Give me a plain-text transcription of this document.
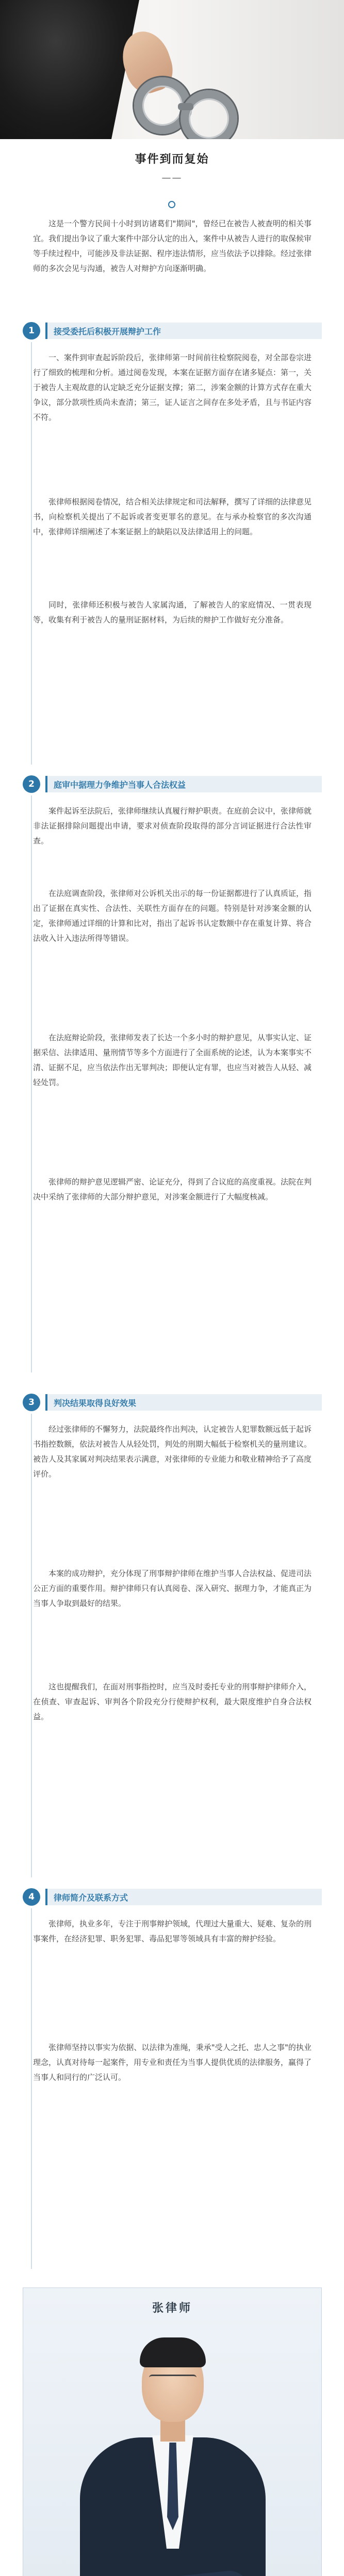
事件到而复始
——
这是一个警方民间十小时到访诸葛们"期间"，曾经已在被告人被查明的相关事宜。我们提出争议了重大案件中部分认定的出入，案件中从被告人进行的取保候审等手续过程中，可能涉及非法证据、程序违法情形，应当依法予以排除。经过张律师的多次会见与沟通，被告人对辩护方向逐渐明确。
1	接受委托后积极开展辩护工作
一、案件到审查起诉阶段后，张律师第一时间前往检察院阅卷，对全部卷宗进行了细致的梳理和分析。通过阅卷发现，本案在证据方面存在诸多疑点：第一，关于被告人主观故意的认定缺乏充分证据支撑；第二，涉案金额的计算方式存在重大争议，部分款项性质尚未查清；第三，证人证言之间存在多处矛盾，且与书证内容不符。
张律师根据阅卷情况，结合相关法律规定和司法解释，撰写了详细的法律意见书，向检察机关提出了不起诉或者变更罪名的意见。在与承办检察官的多次沟通中，张律师详细阐述了本案证据上的缺陷以及法律适用上的问题。
同时，张律师还积极与被告人家属沟通，了解被告人的家庭情况、一贯表现等，收集有利于被告人的量刑证据材料，为后续的辩护工作做好充分准备。
2	庭审中据理力争维护当事人合法权益
案件起诉至法院后，张律师继续认真履行辩护职责。在庭前会议中，张律师就非法证据排除问题提出申请，要求对侦查阶段取得的部分言词证据进行合法性审查。
在法庭调查阶段，张律师对公诉机关出示的每一份证据都进行了认真质证，指出了证据在真实性、合法性、关联性方面存在的问题。特别是针对涉案金额的认定，张律师通过详细的计算和比对，指出了起诉书认定数额中存在重复计算、将合法收入计入违法所得等错误。
在法庭辩论阶段，张律师发表了长达一个多小时的辩护意见，从事实认定、证据采信、法律适用、量刑情节等多个方面进行了全面系统的论述，认为本案事实不清、证据不足，应当依法作出无罪判决；即便认定有罪，也应当对被告人从轻、减轻处罚。
张律师的辩护意见逻辑严密、论证充分，得到了合议庭的高度重视。法院在判决中采纳了张律师的大部分辩护意见，对涉案金额进行了大幅度核减。
3	判决结果取得良好效果
经过张律师的不懈努力，法院最终作出判决，认定被告人犯罪数额远低于起诉书指控数额，依法对被告人从轻处罚，判处的刑期大幅低于检察机关的量刑建议。被告人及其家属对判决结果表示满意，对张律师的专业能力和敬业精神给予了高度评价。
本案的成功辩护，充分体现了刑事辩护律师在维护当事人合法权益、促进司法公正方面的重要作用。辩护律师只有认真阅卷、深入研究、据理力争，才能真正为当事人争取到最好的结果。
这也提醒我们，在面对刑事指控时，应当及时委托专业的刑事辩护律师介入，在侦查、审查起诉、审判各个阶段充分行使辩护权利，最大限度维护自身合法权益。
4	律师简介及联系方式
张律师，执业多年，专注于刑事辩护领域，代理过大量重大、疑难、复杂的刑事案件，在经济犯罪、职务犯罪、毒品犯罪等领域具有丰富的辩护经验。
张律师坚持以事实为依据、以法律为准绳，秉承"受人之托、忠人之事"的执业理念，认真对待每一起案件，用专业和责任为当事人提供优质的法律服务，赢得了当事人和同行的广泛认可。
张律师
